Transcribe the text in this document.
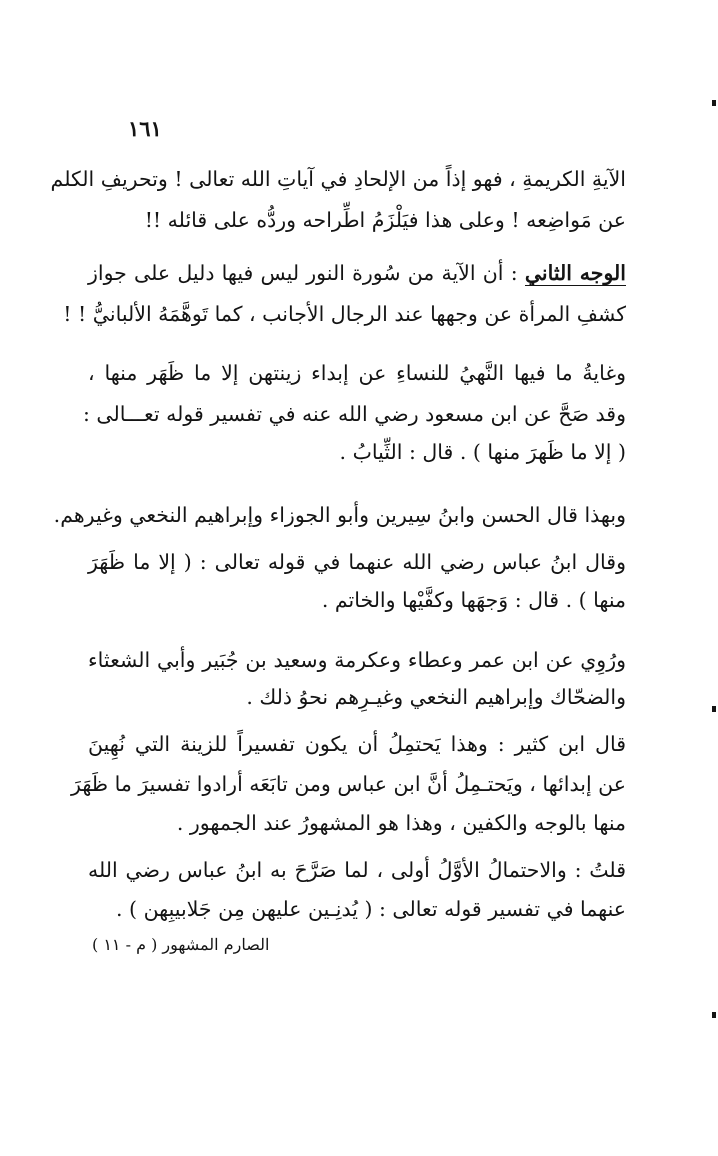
١٦١
الآيةِ الكريمةِ ، فهو إذاً من الإلحادِ في آياتِ الله تعالى ! وتحريفِ الكلم
عن مَواضِعه ! وعلى هذا فيَلْزَمُ اطِّراحه وردُّه على قائله !!
الوجه الثاني : أن الآية من سُورة النور ليس فيها دليل على جواز
كشفِ المرأة عن وجهها عند الرجال الأجانب ، كما تَوهَّمَهُ الألبانيُّ ! !
وغايةُ ما فيها النَّهيُ للنساءِ عن إبداء زينتهن إلا ما ظَهَر منها ،
وقد صَحَّ عن ابن مسعود رضي الله عنه في تفسير قوله تعـــالى :
( إلا ما ظَهرَ منها ) . قال : الثِّيابُ .
وبهذا قال الحسن وابنُ سِيرين وأبو الجوزاء وإبراهيم النخعي وغيرهم.
وقال ابنُ عباس رضي الله عنهما في قوله تعالى : ( إلا ما ظَهَرَ
منها ) . قال : وَجهَها وكفَّيْها والخاتم .
ورُوِي عن ابن عمر وعطاء وعكرمة وسعيد بن جُبَير وأبي الشعثاء
والضحّاك وإبراهيم النخعي وغيـرِهم نحوُ ذلك .
قال ابن كثير : وهذا يَحتمِلُ أن يكون تفسيراً للزينة التي نُهِينَ
عن إبدائها ، ويَحتـمِلُ أنَّ ابن عباس ومن تابَعَه أرادوا تفسيرَ ما ظَهَرَ
منها بالوجه والكفين ، وهذا هو المشهورُ عند الجمهور .
قلتُ : والاحتمالُ الأوَّلُ أولى ، لما صَرَّحَ به ابنُ عباس رضي الله
عنهما في تفسير قوله تعالى : ( يُدنِـين عليهن مِن جَلابيبِهن ) .
الصارم المشهور ( م - ١١ )
